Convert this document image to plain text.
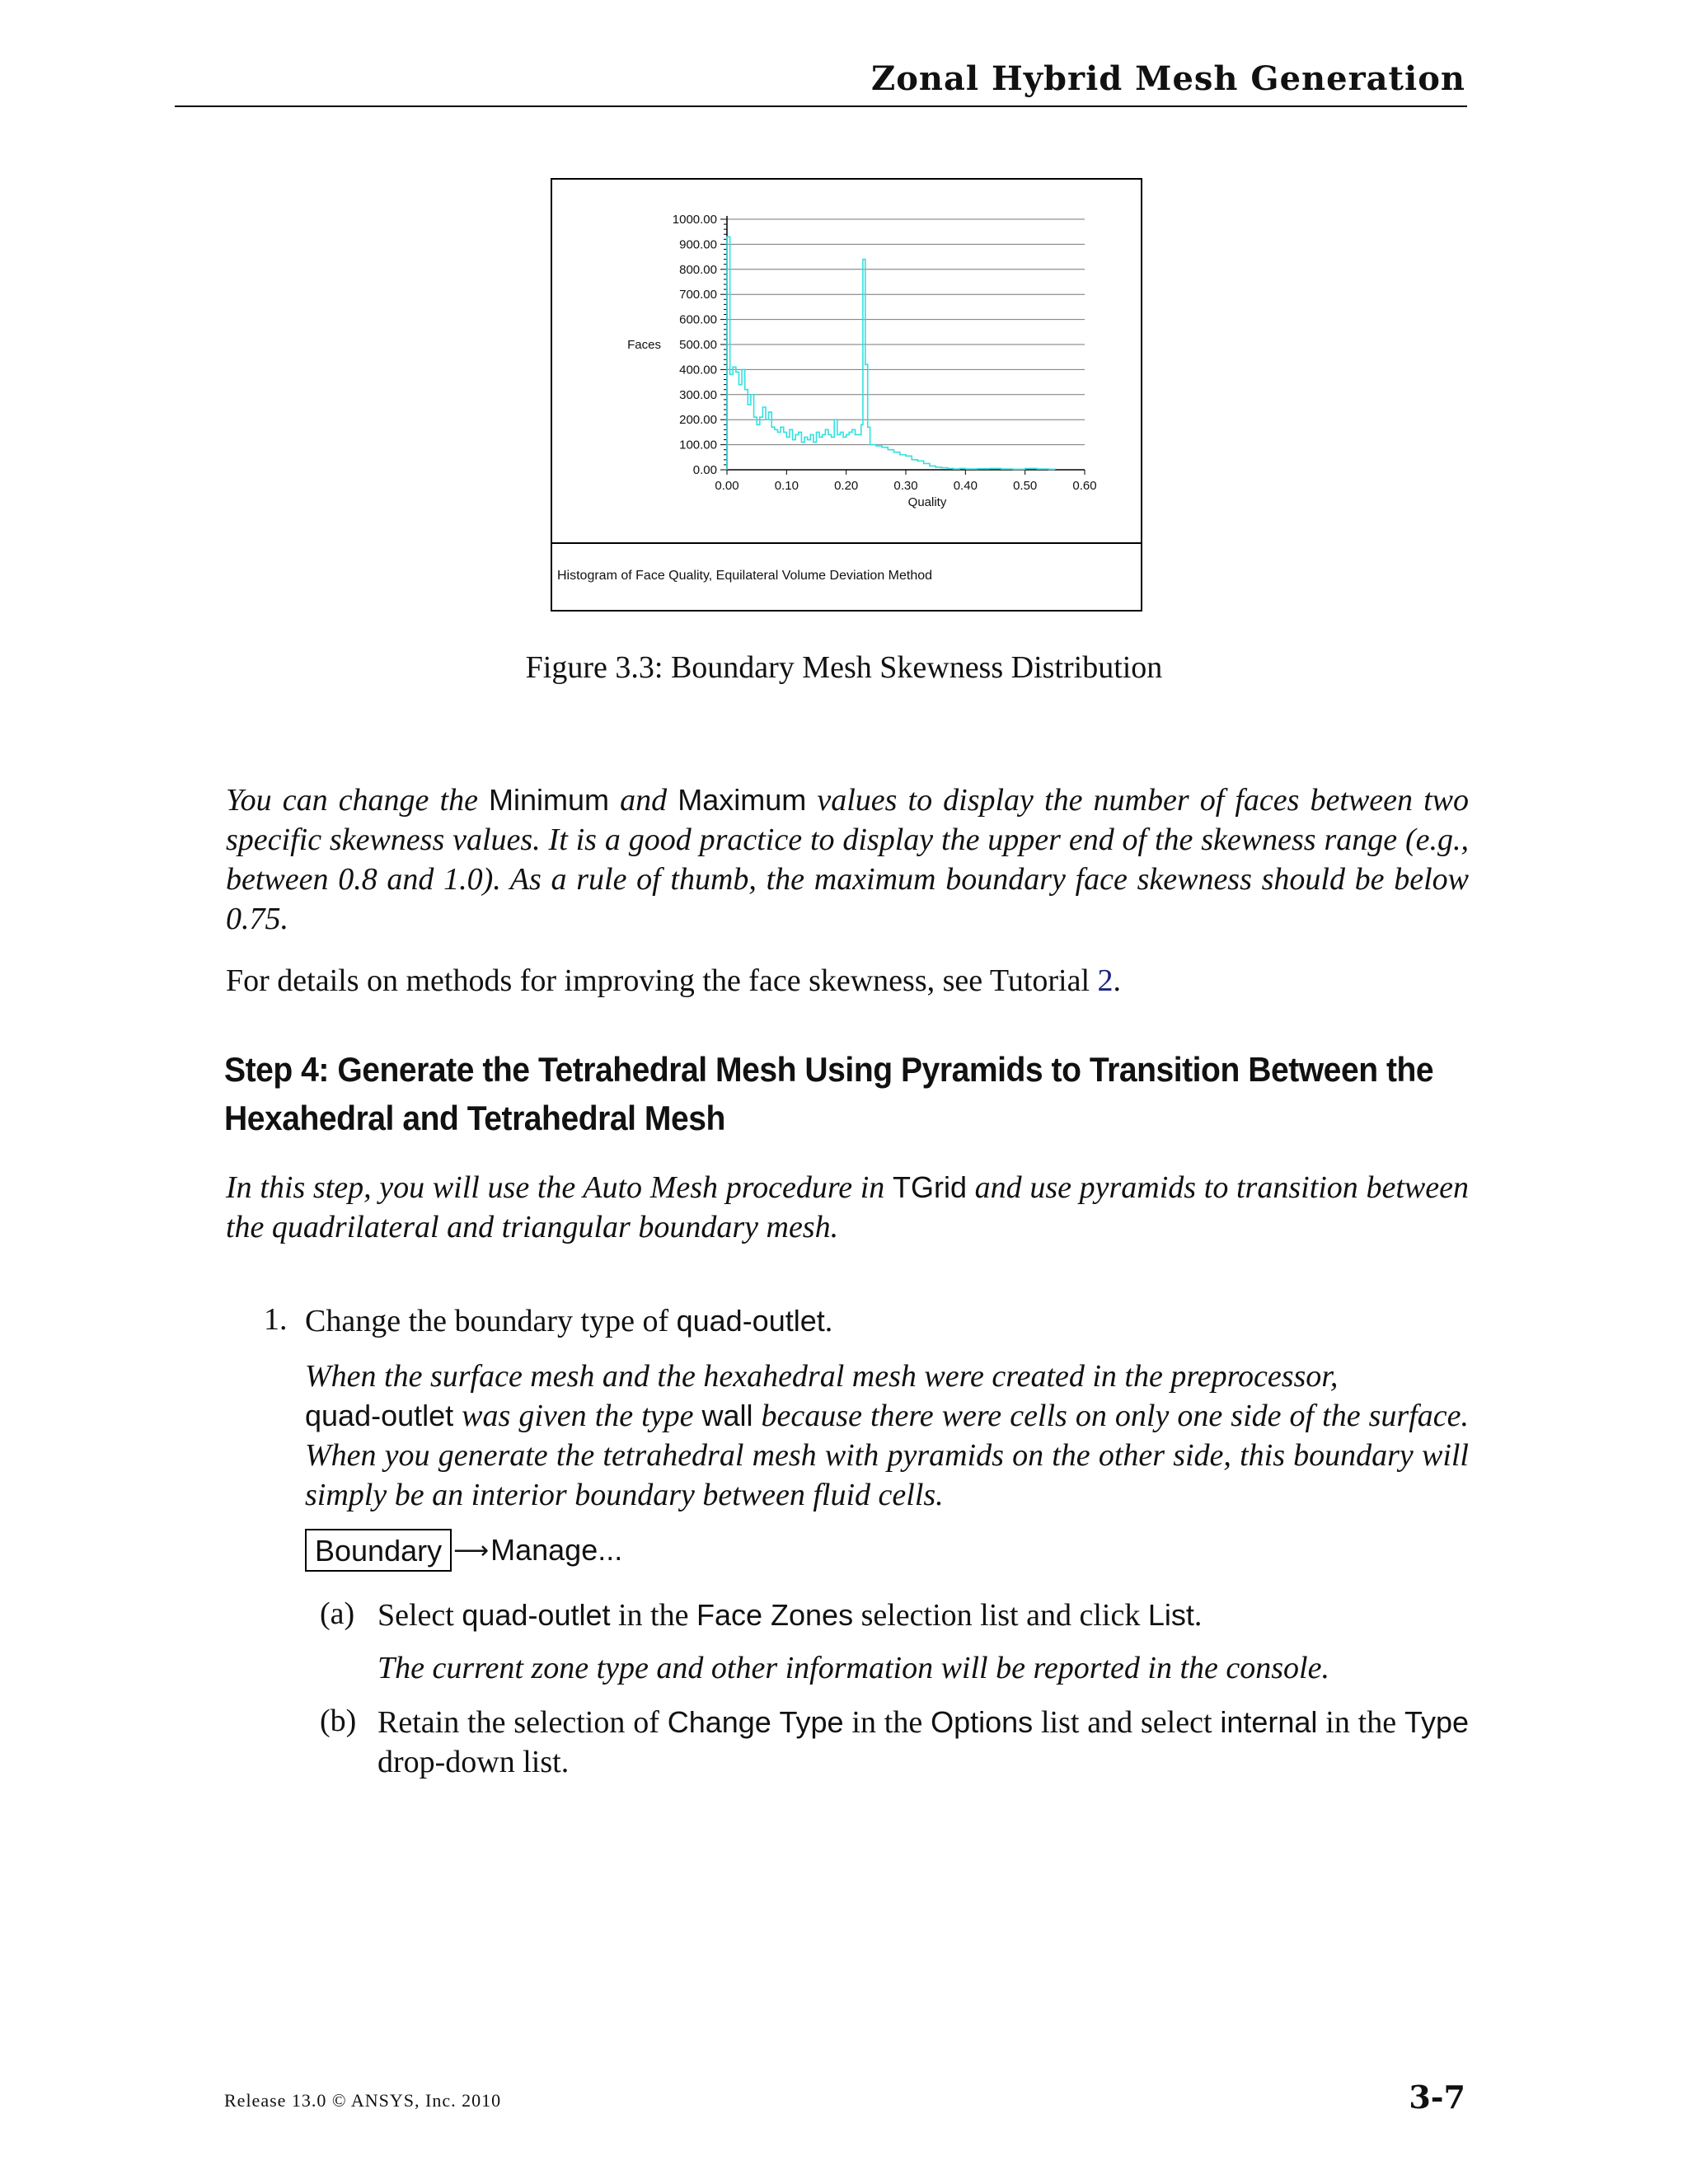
Zonal Hybrid Mesh Generation
0.00
100.00
200.00
300.00
400.00
500.00
600.00
700.00
800.00
900.00
1000.00
0.00	0.10	0.20	0.30	0.40	0.50	0.60
Quality
Faces
Histogram of Face Quality, Equilateral Volume Deviation Method
Figure 3.3: Boundary Mesh Skewness Distribution
You can change the Minimum and Maximum values to display the number of faces between two specific skewness values. It is a good practice to display the upper end of the skewness range (e.g., between 0.8 and 1.0). As a rule of thumb, the maximum boundary face skewness should be below 0.75.
For details on methods for improving the face skewness, see Tutorial 2.
Step 4: Generate the Tetrahedral Mesh Using Pyramids to Transition Between the Hexahedral and Tetrahedral Mesh
In this step, you will use the Auto Mesh procedure in TGrid and use pyramids to transition between the quadrilateral and triangular boundary mesh.
1. Change the boundary type of quad-outlet.
When the surface mesh and the hexahedral mesh were created in the preprocessor,
quad-outlet was given the type wall because there were cells on only one side of the surface. When you generate the tetrahedral mesh with pyramids on the other side, this boundary will simply be an interior boundary between fluid cells.
Boundary ⟶ Manage...
(a) Select quad-outlet in the Face Zones selection list and click List.
The current zone type and other information will be reported in the console.
(b) Retain the selection of Change Type in the Options list and select internal in the Type drop-down list.
Release 13.0 © ANSYS, Inc. 2010	3-7
